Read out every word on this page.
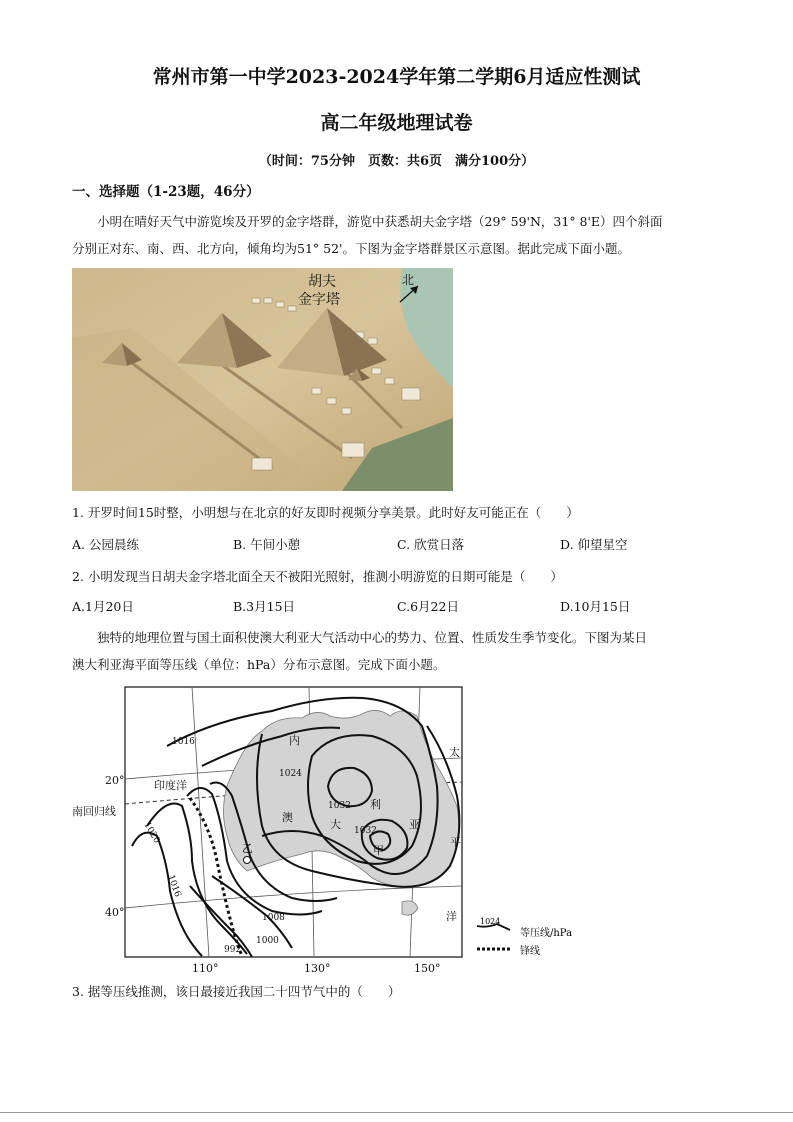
常州市第一中学2023-2024学年第二学期6月适应性测试
高二年级地理试卷
（时间：75分钟　页数：共6页　满分100分）
一、选择题（1-23题，46分）
小明在晴好天气中游览埃及开罗的金字塔群，游览中获悉胡夫金字塔（29° 59'N，31° 8'E）四个斜面
分别正对东、南、西、北方向，倾角均为51° 52'。下图为金字塔群景区示意图。据此完成下面小题。
北
胡夫
金字塔
1. 开罗时间15时整，小明想与在北京的好友即时视频分享美景。此时好友可能正在（　　）
A. 公园晨练	B. 午间小憩	C. 欣赏日落	D. 仰望星空
2. 小明发现当日胡夫金字塔北面全天不被阳光照射，推测小明游览的日期可能是（　　）
A.1月20日	B.3月15日	C.6月22日	D.10月15日
独特的地理位置与国土面积使澳大利亚大气活动中心的势力、位置、性质发生季节变化。下图为某日
澳大利亚海平面等压线（单位：hPa）分布示意图。完成下面小题。
1016
1024
1020
1016
1032
1032
1008
1000
992
20°
南回归线
40°
110°	130°	150°
印度洋
内
澳
大
利
亚
太
平
洋
乙	甲
1024
等压线/hPa
锋线
3. 据等压线推测，该日最接近我国二十四节气中的（　　）
